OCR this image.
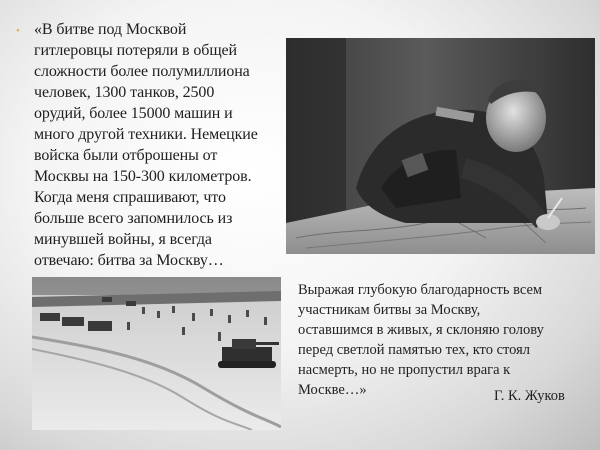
• «В битве под Москвой
гитлеровцы потеряли в общей
сложности более полумиллиона
человек, 1300 танков, 2500
орудий, более 15000 машин и
много другой техники. Немецкие
войска были отброшены от
Москвы на 150-300 километров.
Когда меня спрашивают, что
больше всего запомнилось из
минувшей войны, я всегда
отвечаю: битва за Москву…
Выражая глубокую благодарность всем
участникам битвы за Москву,
оставшимся в живых, я склоняю голову
перед светлой памятью тех, кто стоял
насмерть, но не пропустил врага к
Москве…»	Г. К. Жуков
